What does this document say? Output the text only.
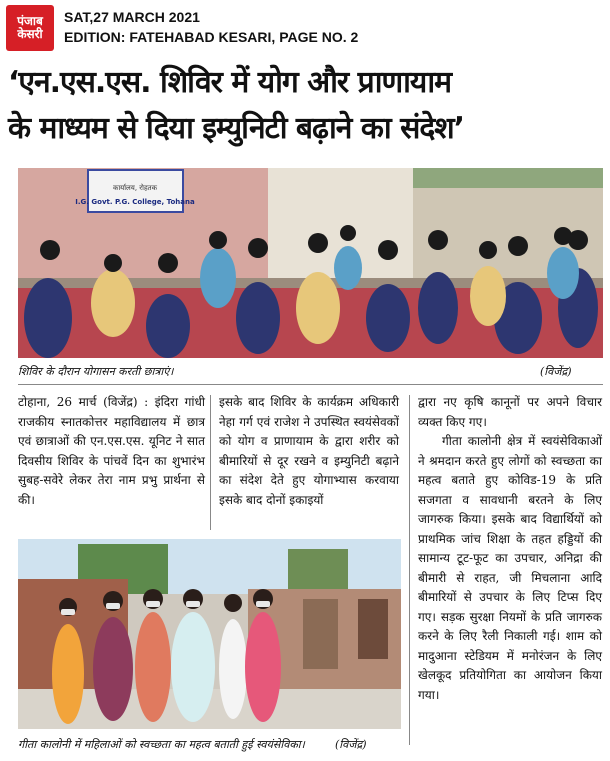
पंजाब
केसरी
SAT,27 MARCH 2021
EDITION: FATEHABAD KESARI, PAGE NO. 2
‘एन.एस.एस. शिविर में योग और प्राणायाम
के माध्यम से दिया इम्युनिटी बढ़ाने का संदेश’
कार्यालय, रोहतक
I.G. Govt. P.G. College, Tohana
शिविर के दौरान योगासन करती छात्राएं।	(विजेंद्र)
टोहाना, 26 मार्च (विजेंद्र) : इंदिरा गांधी राजकीय स्नातकोत्तर महाविद्यालय में छात्र एवं छात्राओं की एन.एस.एस. यूनिट ने सात दिवसीय शिविर के पांचवें दिन का शुभारंभ सुबह-सवेरे लेकर तेरा नाम प्रभु प्रार्थना से की।
इसके बाद शिविर के कार्यक्रम अधिकारी नेहा गर्ग एवं राजेश ने उपस्थित स्वयंसेवकों को योग व प्राणायाम के द्वारा शरीर को बीमारियों से दूर रखने व इम्युनिटी बढ़ाने का संदेश देते हुए योगाभ्यास करवाया इसके बाद दोनों इकाइयों

द्वारा नए कृषि कानूनों पर अपने विचार व्यक्त किए गए।

गीता कालोनी क्षेत्र में स्वयंसेविकाओं ने श्रमदान करते हुए लोगों को स्वच्छता का महत्व बताते हुए कोविड-19 के प्रति सजगता व सावधानी बरतने के लिए जागरुक किया। इसके बाद विद्यार्थियों को प्राथमिक जांच शिक्षा के तहत हड्डियों की सामान्य टूट-फूट का उपचार, अनिद्रा की बीमारी से राहत, जी मिचलाना आदि बीमारियों से उपचार के लिए टिप्स दिए गए। सड़क सुरक्षा नियमों के प्रति जागरुक करने के लिए रैली निकाली गई। शाम को मादुआना स्टेडियम में मनोरंजन के लिए खेलकूद प्रतियोगिता का आयोजन किया गया।

गीता कालोनी में महिलाओं को स्वच्छता का महत्व बताती हुई स्वयंसेविका।	(विजेंद्र)
